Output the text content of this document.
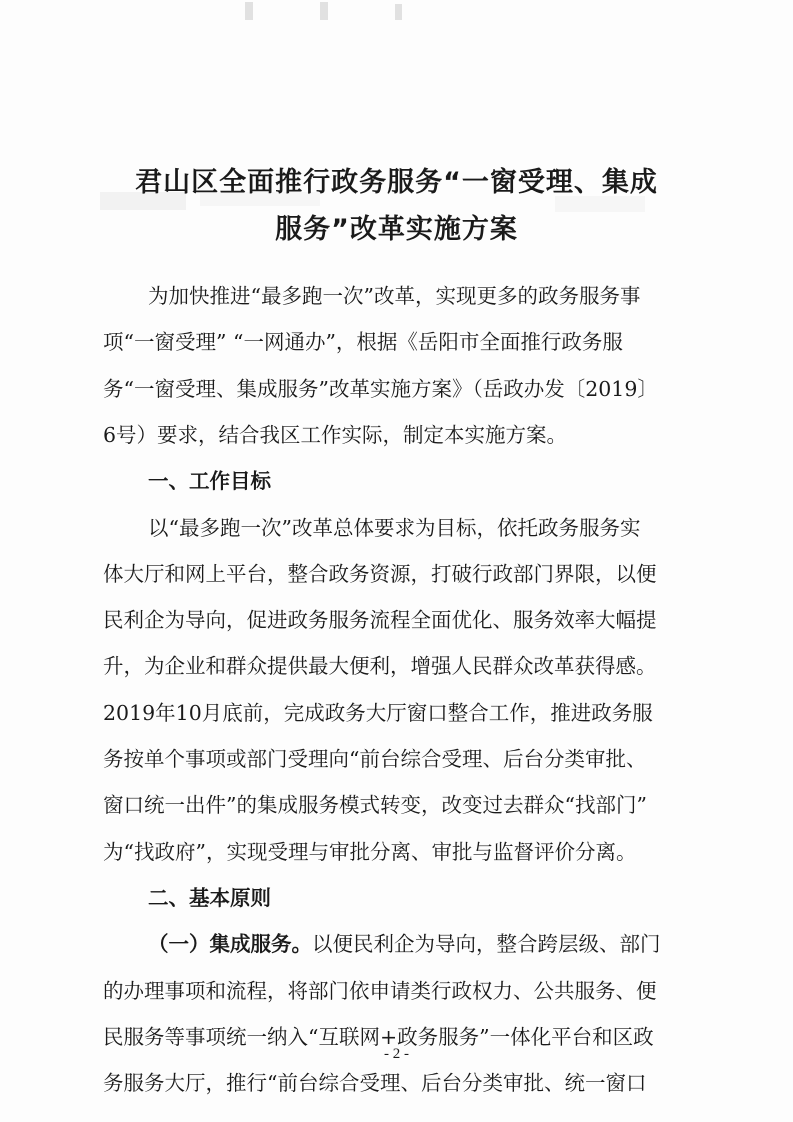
君山区全面推行政务服务“一窗受理、集成
服务”改革实施方案

为加快推进“最多跑一次”改革，实现更多的政务服务事

项“一窗受理” “一网通办”，根据《岳阳市全面推行政务服

务“一窗受理、集成服务”改革实施方案》（岳政办发〔2019〕

6号）要求，结合我区工作实际，制定本实施方案。

一、工作目标

以“最多跑一次”改革总体要求为目标，依托政务服务实

体大厅和网上平台，整合政务资源，打破行政部门界限，以便

民利企为导向，促进政务服务流程全面优化、服务效率大幅提

升，为企业和群众提供最大便利，增强人民群众改革获得感。

2019年10月底前，完成政务大厅窗口整合工作，推进政务服

务按单个事项或部门受理向“前台综合受理、后台分类审批、

窗口统一出件”的集成服务模式转变，改变过去群众“找部门”

为“找政府”，实现受理与审批分离、审批与监督评价分离。

二、基本原则

（一）集成服务。以便民利企为导向，整合跨层级、部门

的办理事项和流程，将部门依申请类行政权力、公共服务、便

民服务等事项统一纳入“互联网+政务服务”一体化平台和区政

务服务大厅，推行“前台综合受理、后台分类审批、统一窗口

- 2 -
